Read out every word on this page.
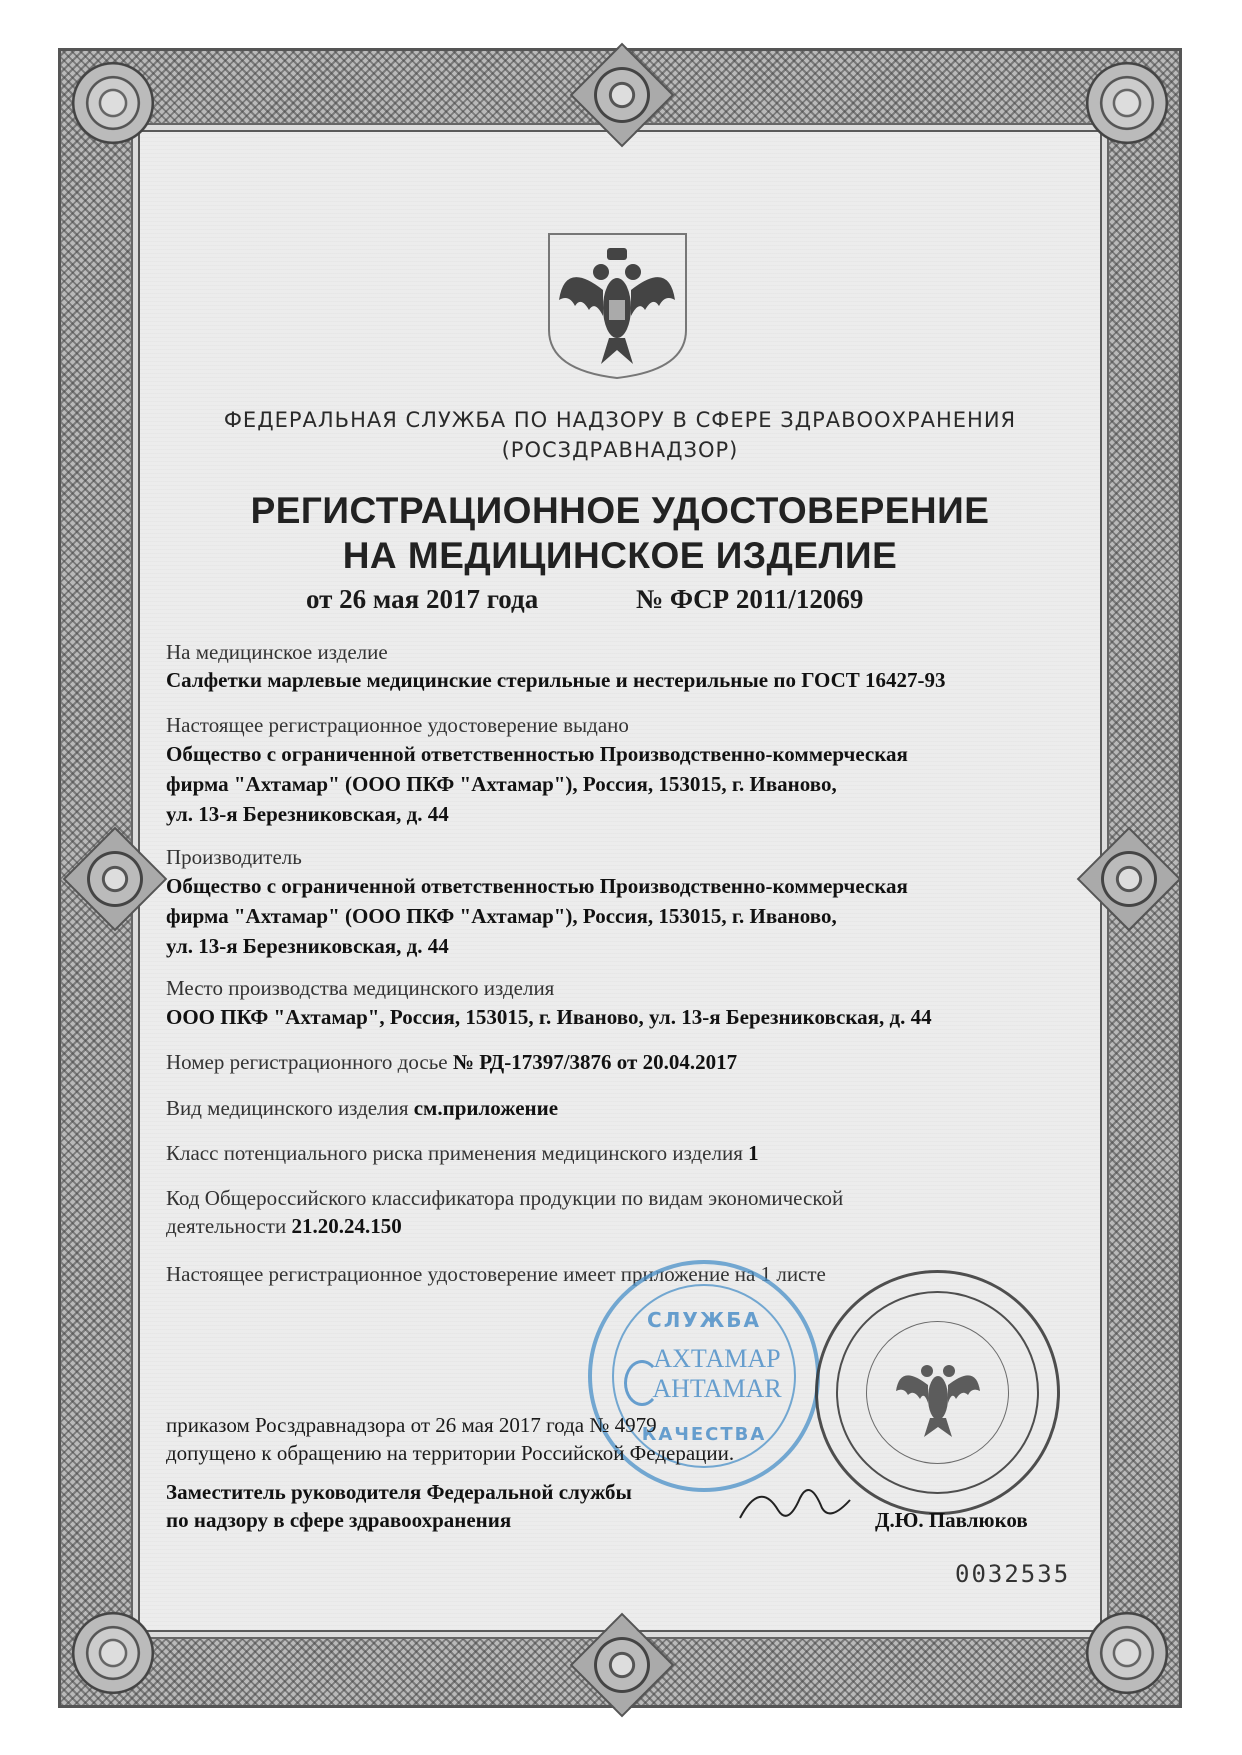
ФЕДЕРАЛЬНАЯ СЛУЖБА ПО НАДЗОРУ В СФЕРЕ ЗДРАВООХРАНЕНИЯ
(РОСЗДРАВНАДЗОР)
РЕГИСТРАЦИОННОЕ УДОСТОВЕРЕНИЕ
НА МЕДИЦИНСКОЕ ИЗДЕЛИЕ
от 26 мая 2017 года	№ ФСР 2011/12069
На медицинское изделие
Салфетки марлевые медицинские стерильные и нестерильные по ГОСТ 16427-93
Настоящее регистрационное удостоверение выдано
Общество с ограниченной ответственностью Производственно-коммерческая
фирма "Ахтамар" (ООО ПКФ "Ахтамар"), Россия, 153015, г. Иваново,
ул. 13-я Березниковская, д. 44
Производитель
Общество с ограниченной ответственностью Производственно-коммерческая
фирма "Ахтамар" (ООО ПКФ "Ахтамар"), Россия, 153015, г. Иваново,
ул. 13-я Березниковская, д. 44
Место производства медицинского изделия
ООО ПКФ "Ахтамар", Россия, 153015, г. Иваново, ул. 13-я Березниковская, д. 44
Номер регистрационного досье № РД-17397/3876 от 20.04.2017
Вид медицинского изделия см.приложение
Класс потенциального риска применения медицинского изделия 1
Код Общероссийского классификатора продукции по видам экономической
деятельности 21.20.24.150
Настоящее регистрационное удостоверение имеет приложение на 1 листе
СЛУЖБА
АХТАМАР
AHTAMAR
КАЧЕСТВА
приказом Росздравнадзора от 26 мая 2017 года № 4979
допущено к обращению на территории Российской Федерации.
Заместитель руководителя Федеральной службы
по надзору в сфере здравоохранения	Д.Ю. Павлюков
0032535
